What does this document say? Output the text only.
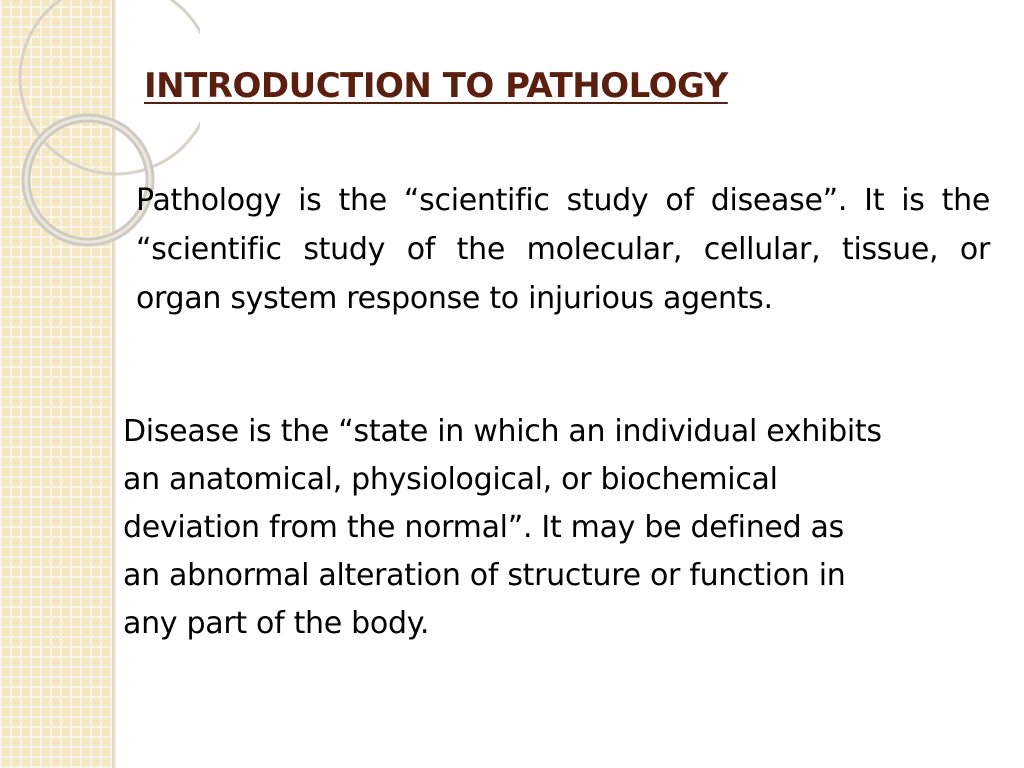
INTRODUCTION TO PATHOLOGY

Pathology is the “scientific study of disease”. It is the “scientific study of the molecular, cellular, tissue, or organ system response to injurious agents.

Disease is the “state in which an individual exhibits
an anatomical, physiological, or biochemical
deviation from the normal”. It may be defined as
an abnormal alteration of structure or function in
any part of the body.
